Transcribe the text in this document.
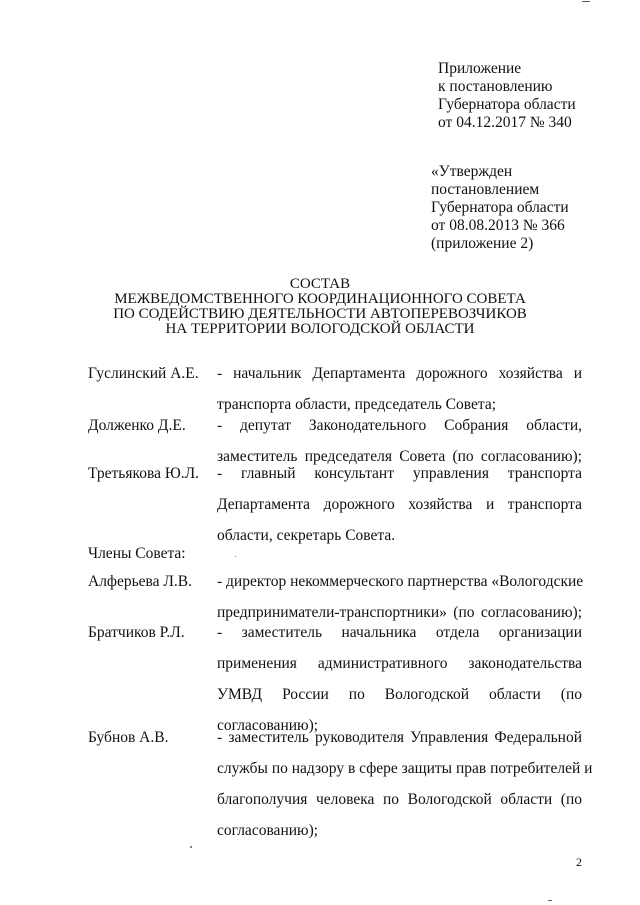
Приложение
к постановлению
Губернатора области
от 04.12.2017 № 340
«Утвержден
постановлением
Губернатора области
от 08.08.2013 № 366
(приложение 2)
СОСТАВ
МЕЖВЕДОМСТВЕННОГО КООРДИНАЦИОННОГО СОВЕТА
ПО СОДЕЙСТВИЮ ДЕЯТЕЛЬНОСТИ АВТОПЕРЕВОЗЧИКОВ
НА ТЕРРИТОРИИ ВОЛОГОДСКОЙ ОБЛАСТИ
Гуслинский А.Е. - начальник Департамента дорожного хозяйства и
транспорта области, председатель Совета;
Долженко Д.Е. - депутат Законодательного Собрания области,
заместитель председателя Совета (по согласованию);
Третьякова Ю.Л. - главный консультант управления транспорта
Департамента дорожного хозяйства и транспорта
области, секретарь Совета.
Члены Совета:
Алферьева Л.В. - директор некоммерческого партнерства «Вологодские
предприниматели-транспортники» (по согласованию);
Братчиков Р.Л. - заместитель начальника отдела организации
применения административного законодательства
УМВД России по Вологодской области (по
согласованию);
Бубнов А.В.	- заместитель руководителя Управления Федеральной
службы по надзору в сфере защиты прав потребителей и
благополучия человека по Вологодской области (по
согласованию);
2
